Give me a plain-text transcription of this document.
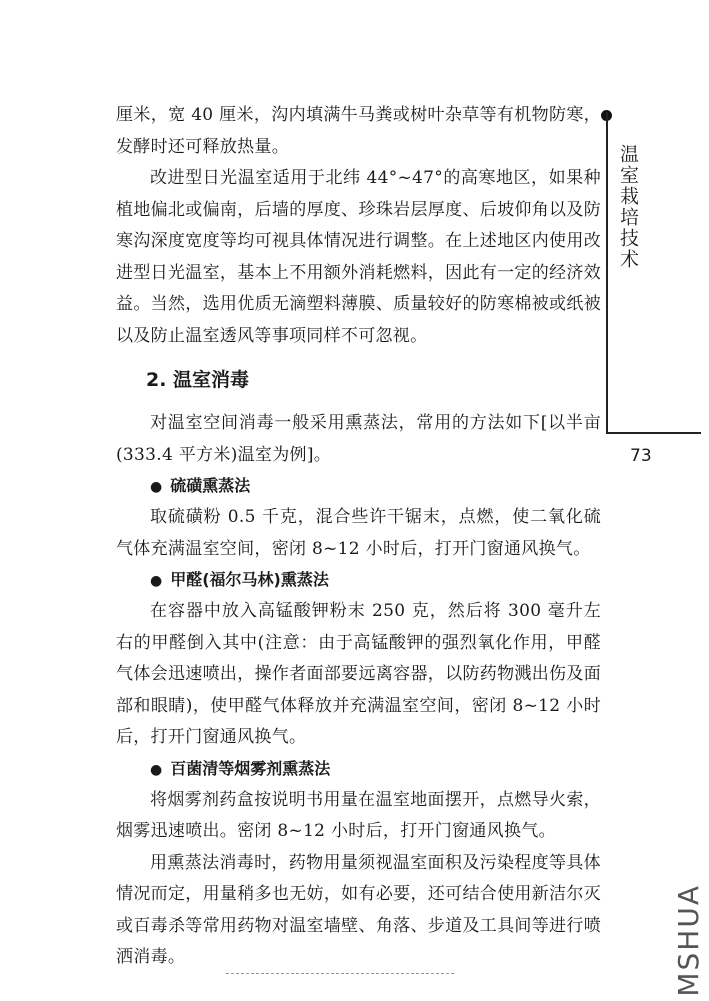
厘米，宽 40 厘米，沟内填满牛马粪或树叶杂草等有机物防寒，发酵时还可释放热量。

改进型日光温室适用于北纬 44°~47°的高寒地区，如果种植地偏北或偏南，后墙的厚度、珍珠岩层厚度、后坡仰角以及防寒沟深度宽度等均可视具体情况进行调整。在上述地区内使用改进型日光温室，基本上不用额外消耗燃料，因此有一定的经济效益。当然，选用优质无滴塑料薄膜、质量较好的防寒棉被或纸被以及防止温室透风等事项同样不可忽视。

2. 温室消毒

对温室空间消毒一般采用熏蒸法，常用的方法如下[以半亩(333.4 平方米)温室为例]。

● 硫磺熏蒸法

取硫磺粉 0.5 千克，混合些许干锯末，点燃，使二氧化硫气体充满温室空间，密闭 8~12 小时后，打开门窗通风换气。

● 甲醛(福尔马林)熏蒸法

在容器中放入高锰酸钾粉末 250 克，然后将 300 毫升左右的甲醛倒入其中(注意：由于高锰酸钾的强烈氧化作用，甲醛气体会迅速喷出，操作者面部要远离容器，以防药物溅出伤及面部和眼睛)，使甲醛气体释放并充满温室空间，密闭 8~12 小时后，打开门窗通风换气。

● 百菌清等烟雾剂熏蒸法

将烟雾剂药盒按说明书用量在温室地面摆开，点燃导火索，烟雾迅速喷出。密闭 8~12 小时后，打开门窗通风换气。

用熏蒸法消毒时，药物用量须视温室面积及污染程度等具体情况而定，用量稍多也无妨，如有必要，还可结合使用新洁尔灭或百毒杀等常用药物对温室墙壁、角落、步道及工具间等进行喷洒消毒。

温室栽培技术
73
MSHUA
